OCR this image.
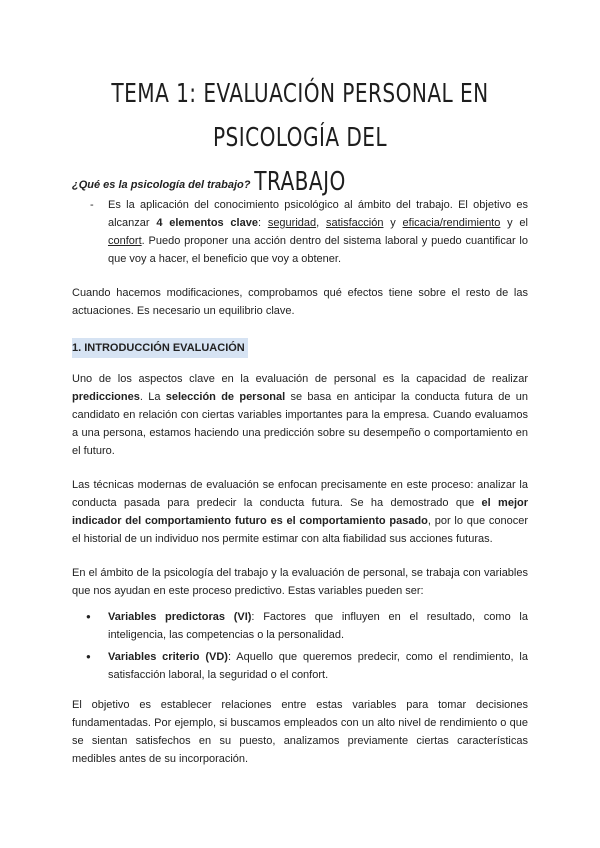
TEMA 1: EVALUACIÓN PERSONAL EN PSICOLOGÍA DEL
TRABAJO

¿Qué es la psicología del trabajo?

- Es la aplicación del conocimiento psicológico al ámbito del trabajo. El objetivo es alcanzar 4 elementos clave: seguridad, satisfacción y eficacia/rendimiento y el confort. Puedo proponer una acción dentro del sistema laboral y puedo cuantificar lo que voy a hacer, el beneficio que voy a obtener.

Cuando hacemos modificaciones, comprobamos qué efectos tiene sobre el resto de las actuaciones. Es necesario un equilibrio clave.

1. INTRODUCCIÓN EVALUACIÓN

Uno de los aspectos clave en la evaluación de personal es la capacidad de realizar predicciones. La selección de personal se basa en anticipar la conducta futura de un candidato en relación con ciertas variables importantes para la empresa. Cuando evaluamos a una persona, estamos haciendo una predicción sobre su desempeño o comportamiento en el futuro.

Las técnicas modernas de evaluación se enfocan precisamente en este proceso: analizar la conducta pasada para predecir la conducta futura. Se ha demostrado que el mejor indicador del comportamiento futuro es el comportamiento pasado, por lo que conocer el historial de un individuo nos permite estimar con alta fiabilidad sus acciones futuras.

En el ámbito de la psicología del trabajo y la evaluación de personal, se trabaja con variables que nos ayudan en este proceso predictivo. Estas variables pueden ser:

● Variables predictoras (VI): Factores que influyen en el resultado, como la inteligencia, las competencias o la personalidad.
● Variables criterio (VD): Aquello que queremos predecir, como el rendimiento, la satisfacción laboral, la seguridad o el confort.

El objetivo es establecer relaciones entre estas variables para tomar decisiones fundamentadas. Por ejemplo, si buscamos empleados con un alto nivel de rendimiento o que se sientan satisfechos en su puesto, analizamos previamente ciertas características medibles antes de su incorporación.
